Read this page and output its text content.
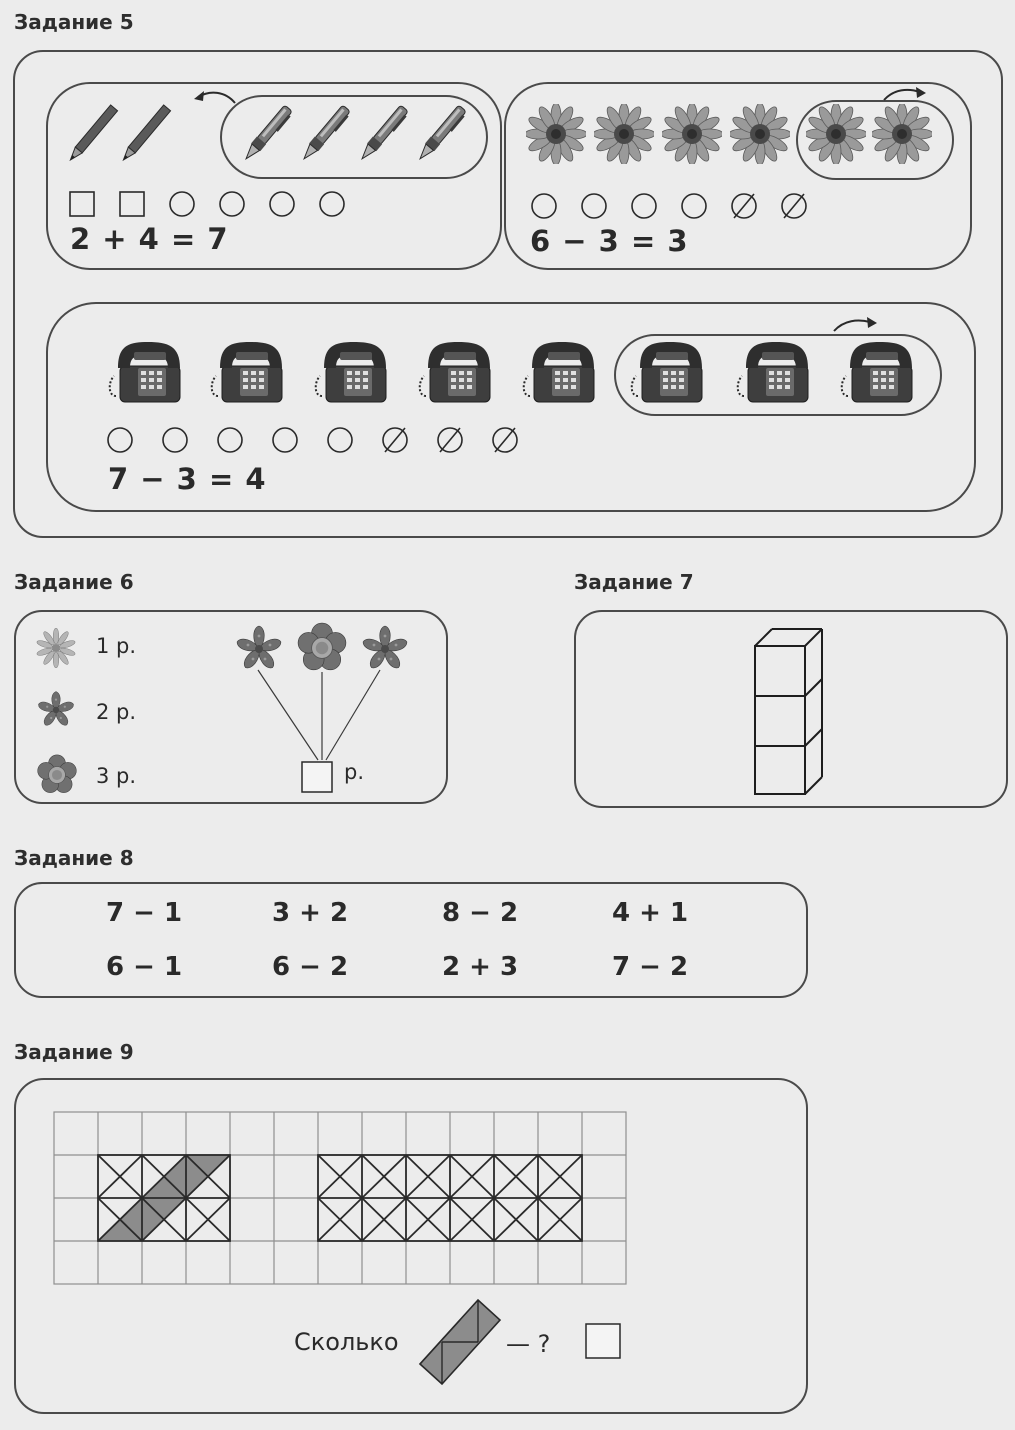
Задание 5
2 + 4 = 7	6 − 3 = 3
7 − 3 = 4
Задание 6
1 р.
2 р.
3 р.	р.
Задание 7
Задание 8
7 − 1	3 + 2	8 − 2	4 + 1
6 − 1	6 − 2	2 + 3	7 − 2
Задание 9
Сколько	— ?
